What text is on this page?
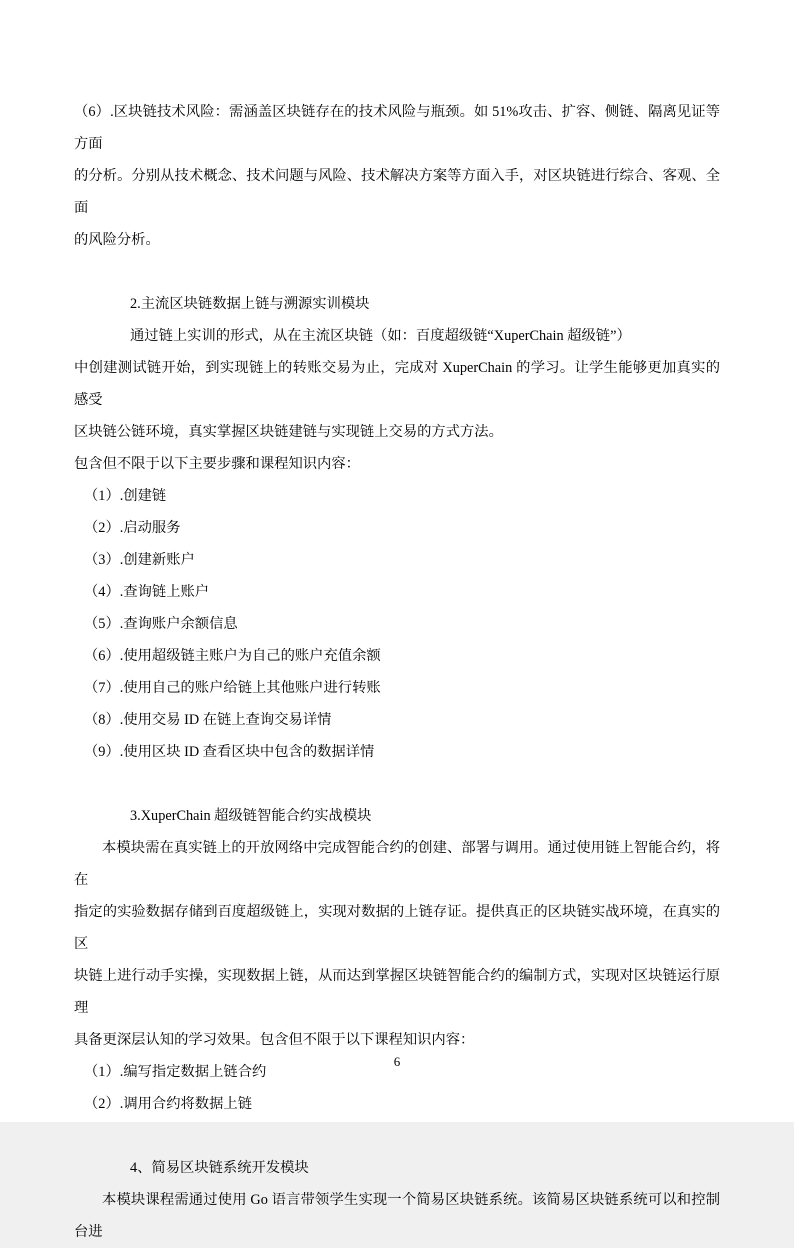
（6）.区块链技术风险：需涵盖区块链存在的技术风险与瓶颈。如 51%攻击、扩容、侧链、隔离见证等方面

的分析。分别从技术概念、技术问题与风险、技术解决方案等方面入手，对区块链进行综合、客观、全面

的风险分析。

2.主流区块链数据上链与溯源实训模块

通过链上实训的形式，从在主流区块链（如：百度超级链“XuperChain 超级链”）

中创建测试链开始，到实现链上的转账交易为止，完成对 XuperChain 的学习。让学生能够更加真实的感受

区块链公链环境，真实掌握区块链建链与实现链上交易的方式方法。

包含但不限于以下主要步骤和课程知识内容：

（1）.创建链

（2）.启动服务

（3）.创建新账户

（4）.查询链上账户

（5）.查询账户余额信息

（6）.使用超级链主账户为自己的账户充值余额

（7）.使用自己的账户给链上其他账户进行转账

（8）.使用交易 ID 在链上查询交易详情

（9）.使用区块 ID 查看区块中包含的数据详情

3.XuperChain 超级链智能合约实战模块

本模块需在真实链上的开放网络中完成智能合约的创建、部署与调用。通过使用链上智能合约，将在

指定的实验数据存储到百度超级链上，实现对数据的上链存证。提供真正的区块链实战环境，在真实的区

块链上进行动手实操，实现数据上链，从而达到掌握区块链智能合约的编制方式，实现对区块链运行原理

具备更深层认知的学习效果。包含但不限于以下课程知识内容：

（1）.编写指定数据上链合约

（2）.调用合约将数据上链

4、简易区块链系统开发模块

本模块课程需通过使用 Go 语言带领学生实现一个简易区块链系统。该简易区块链系统可以和控制台进

6
